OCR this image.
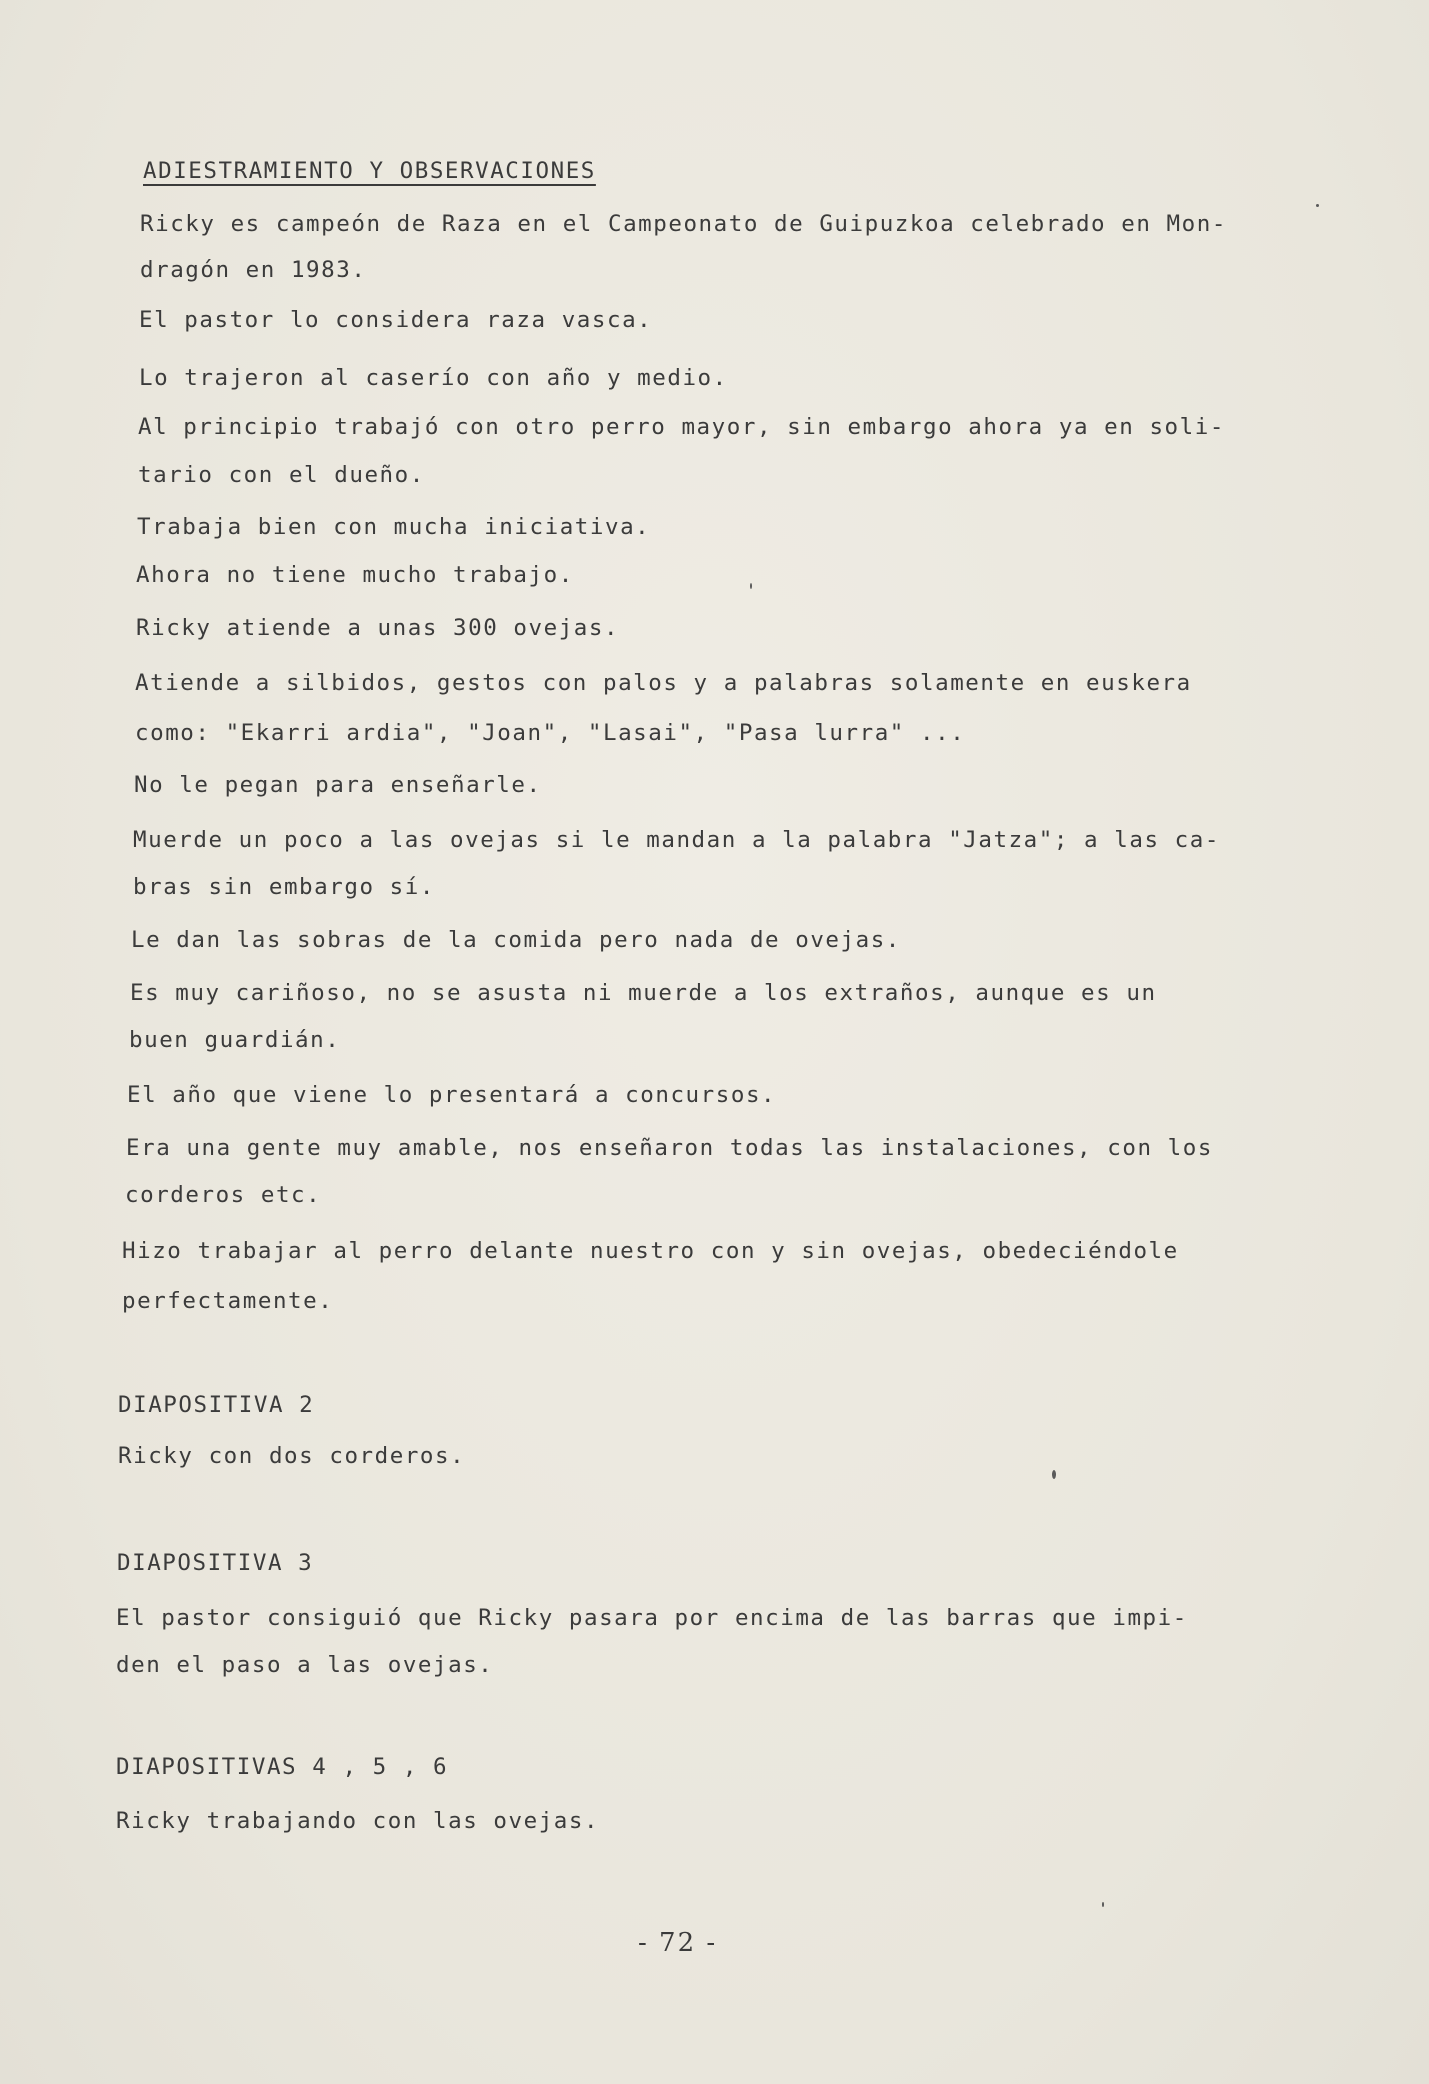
ADIESTRAMIENTO Y OBSERVACIONES
Ricky es campeón de Raza en el Campeonato de Guipuzkoa celebrado en Mon-
dragón en 1983.
El pastor lo considera raza vasca.
Lo trajeron al caserío con año y medio.
Al principio trabajó con otro perro mayor, sin embargo ahora ya en soli-
tario con el dueño.
Trabaja bien con mucha iniciativa.
Ahora no tiene mucho trabajo.
Ricky atiende a unas 300 ovejas.
Atiende a silbidos, gestos con palos y a palabras solamente en euskera
como: "Ekarri ardia", "Joan", "Lasai", "Pasa lurra" ...
No le pegan para enseñarle.
Muerde un poco a las ovejas si le mandan a la palabra "Jatza"; a las ca-
bras sin embargo sí.
Le dan las sobras de la comida pero nada de ovejas.
Es muy cariñoso, no se asusta ni muerde a los extraños, aunque es un
buen guardián.
El año que viene lo presentará a concursos.
Era una gente muy amable, nos enseñaron todas las instalaciones, con los
corderos etc.
Hizo trabajar al perro delante nuestro con y sin ovejas, obedeciéndole
perfectamente.
DIAPOSITIVA 2
Ricky con dos corderos.
DIAPOSITIVA 3
El pastor consiguió que Ricky pasara por encima de las barras que impi-
den el paso a las ovejas.
DIAPOSITIVAS 4 , 5 , 6
Ricky trabajando con las ovejas.
- 72 -
